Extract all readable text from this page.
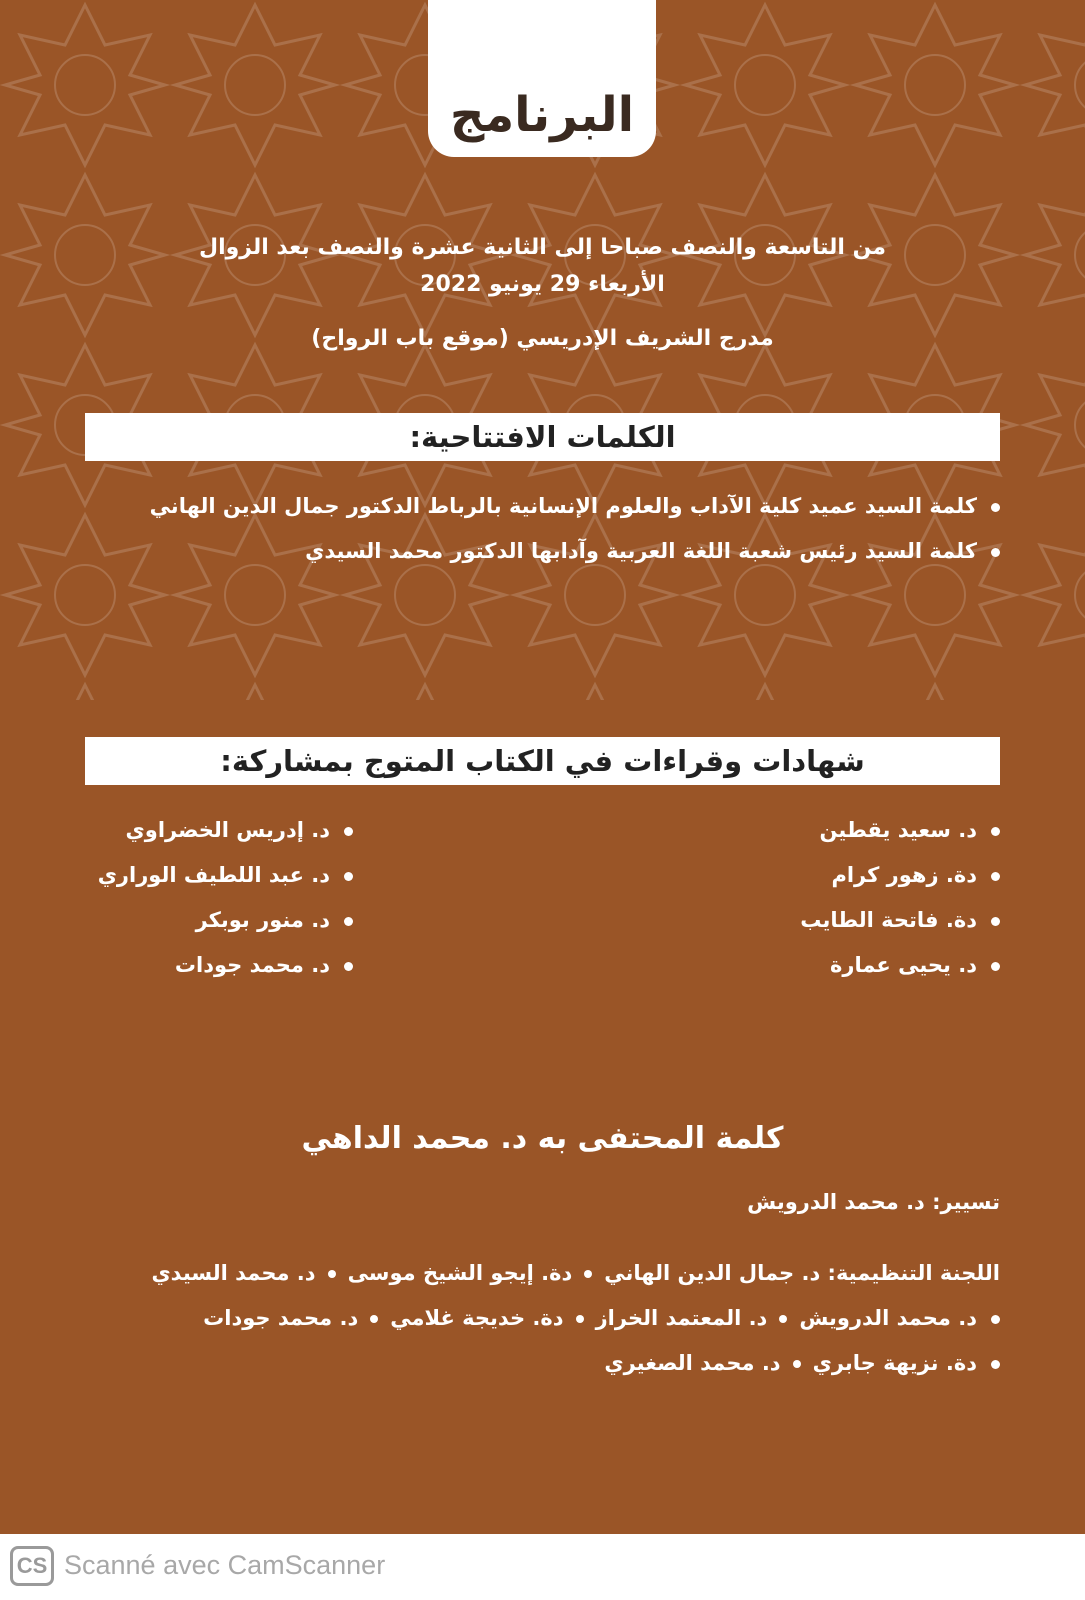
البرنامج
من التاسعة والنصف صباحا إلى الثانية عشرة والنصف بعد الزوال
الأربعاء 29 يونيو 2022
مدرج الشريف الإدريسي (موقع باب الرواح)
الكلمات الافتتاحية:
كلمة السيد عميد كلية الآداب والعلوم الإنسانية بالرباط الدكتور جمال الدين الهاني
كلمة السيد رئيس شعبة اللغة العربية وآدابها الدكتور محمد السيدي
شهادات وقراءات في الكتاب المتوج بمشاركة:
د. سعيد يقطين
دة. زهور كرام
دة. فاتحة الطايب
د. يحيى عمارة
د. إدريس الخضراوي
د. عبد اللطيف الوراري
د. منور بوبكر
د. محمد جودات
كلمة المحتفى به د. محمد الداهي
تسيير: د. محمد الدرويش
اللجنة التنظيمية: د. جمال الدين الهانيدة. إيجو الشيخ موسىد. محمد السيدي
د. محمد الدرويشد. المعتمد الخرازدة. خديجة غلاميد. محمد جودات
دة. نزيهة جابريد. محمد الصغيري
CS Scanné avec CamScanner
